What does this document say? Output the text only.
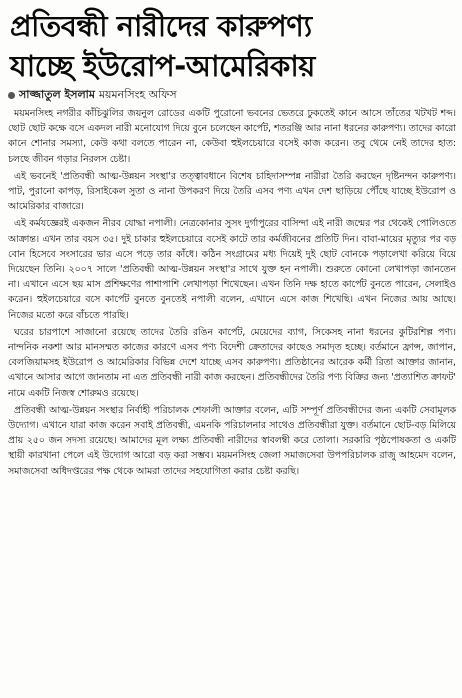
প্রতিবন্ধী নারীদের কারুপণ্য
যাচ্ছে ইউরোপ-আমেরিকায়
সাজ্জাতুল ইসলাম ময়মনসিংহ অফিস

ময়মনসিংহ নগরীর কাঁচিঝুলির জয়নুল রোডের একটি পুরোনো ভবনের ভেতরে ঢুকতেই কানে আসে তাঁতের খটখট শব্দ। ছোট ছোট কক্ষে বসে একদল নারী মনোযোগ দিয়ে বুনে চলেছেন কার্পেট, শতরঞ্জি আর নানা ধরনের কারুপণ্য। তাদের কারো কানে শোনার সমস্যা, কেউ কথা বলতে পারেন না, কেউবা হুইলচেয়ারে বসেই কাজ করেন। তবু থেমে নেই তাদের হাত: চলছে জীবন গড়ার নিরলস চেষ্টা।

এই ভবনেই 'প্রতিবন্ধী আত্ম-উন্নয়ন সংস্থা'র তত্ত্বাবধানে বিশেষ চাহিদাসম্পন্ন নারীরা তৈরি করছেন দৃষ্টিনন্দন কারুপণ্য। পাট, পুরানো কাপড়, রিসাইকেল সুতা ও নানা উপকরণ দিয়ে তৈরি এসব পণ্য এখন দেশ ছাড়িয়ে পৌঁছে যাচ্ছে ইউরোপ ও আমেরিকার বাজারে।

এই কর্মযজ্ঞেরই একজন নীরব যোদ্ধা নপালী। নেত্রকোনার সুসং দুর্গাপুরের বাসিন্দা এই নারী জন্মের পর থেকেই পোলিওতে আক্রান্ত। এখন তার বয়স ৩৫। দুই চাকার হুইলচেয়ারে বসেই কাটে তার কর্মজীবনের প্রতিটি দিন। বাবা-মায়ের মৃত্যুর পর বড় বোন হিসেবে সংসারের ভার এসে পড়ে তার কাঁধে। কঠিন সংগ্রামের মধ্য দিয়েই দুই ছোট বোনকে পড়ালেখা করিয়ে বিয়ে দিয়েছেন তিনি। ২০০৭ সালে 'প্রতিবন্ধী আত্ম-উন্নয়ন সংস্থা'র সাথে যুক্ত হন নপালী। শুরুতে কোনো লেখাপড়া জানতেন না। এখানে এসে ছয় মাস প্রশিক্ষণের পাশাপাশি লেখাপড়া শিখেছেন। এখন তিনি দক্ষ হাতে কার্পেট বুনতে পারেন, সেলাইও করেন। হুইলচেয়ারে বসে কার্পেট বুনতে বুনতেই নপালী বলেন, এখানে এসে কাজ শিখেছি। এখন নিজের আয় আছে। নিজের মতো করে বাঁচতে পারছি।

ঘরের চারপাশে সাজানো রয়েছে তাদের তৈরি রঙিন কার্পেট, মেয়েদের ব্যাগ, সিকেসহ নানা ধরনের কুটিরশিল্প পণ্য। নান্দনিক নকশা আর মানসম্মত কাজের কারণে এসব পণ্য বিদেশী ক্রেতাদের কাছেও সমাদৃত হচ্ছে। বর্তমানে ফ্রান্স, জাপান, বেলজিয়ামসহ ইউরোপ ও আমেরিকার বিভিন্ন দেশে যাচ্ছে এসব কারুপণ্য। প্রতিষ্ঠানের আরেক কর্মী রিতা আক্তার জানান, এখানে আসার আগে জানতাম না এত প্রতিবন্ধী নারী কাজ করছেন। প্রতিবন্ধীদের তৈরি পণ্য বিক্রির জন্য 'প্রত্যাশিত ক্রাফট' নামে একটি নিজস্ব শোরুমও রয়েছে।

প্রতিবন্ধী আত্ম-উন্নয়ন সংস্থার নির্বাহী পরিচালক শেফালী আক্তার বলেন, এটি সম্পূর্ণ প্রতিবন্ধীদের জন্য একটি সেবামূলক উদ্যোগ। এখানে যারা কাজ করেন সবাই প্রতিবন্ধী, এমনকি পরিচালনার সাথেও প্রতিবন্ধীরা যুক্ত। বর্তমানে ছোট-বড় মিলিয়ে প্রায় ২৫০ জন সদস্য রয়েছে। আমাদের মূল লক্ষ্য প্রতিবন্ধী নারীদের স্বাবলম্বী করে তোলা। সরকারি পৃষ্ঠপোষকতা ও একটি স্থায়ী কারখানা পেলে এই উদ্যোগ আরো বড় করা সম্ভব। ময়মনসিংহ জেলা সমাজসেবা উপপরিচালক রাজু আহমেদ বলেন, সমাজসেবা অধিদপ্তরের পক্ষ থেকে আমরা তাদের সহযোগিতা করার চেষ্টা করছি।
